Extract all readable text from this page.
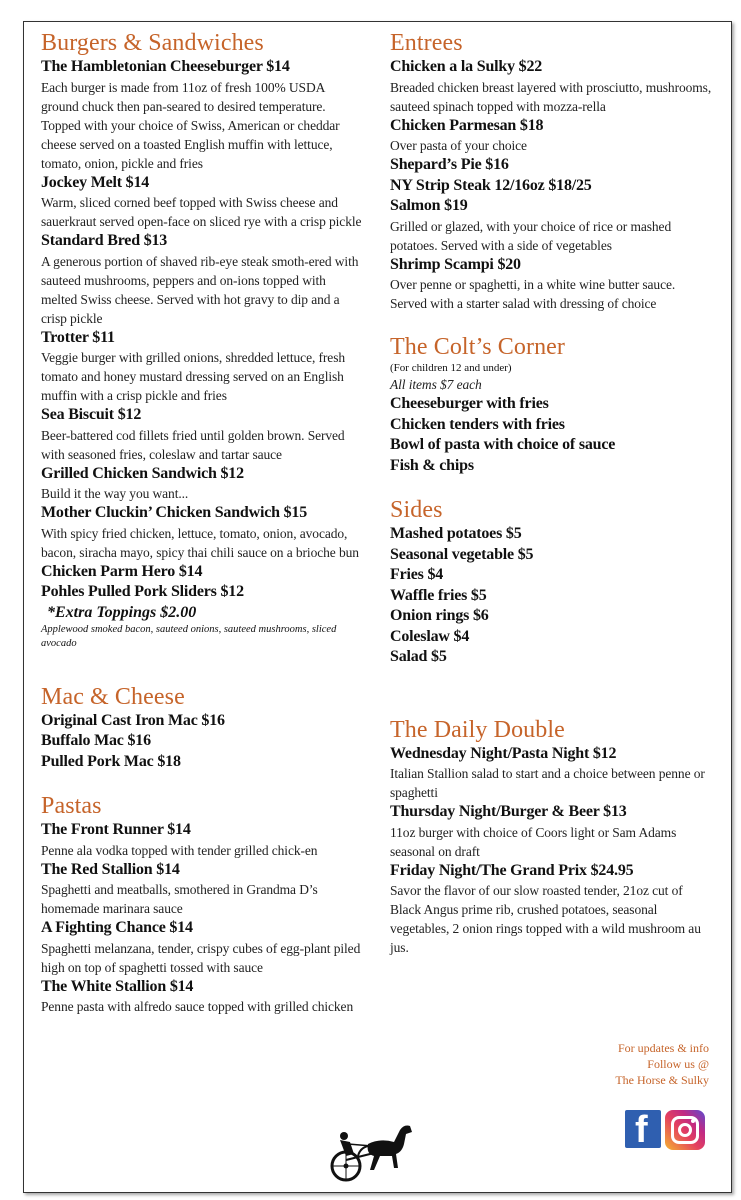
Burgers & Sandwiches
The Hambletonian Cheeseburger $14
Each burger is made from 11oz of fresh 100% USDA ground chuck then pan-seared to desired temperature. Topped with your choice of Swiss, American or cheddar cheese served on a toasted English muffin with lettuce, tomato, onion, pickle and fries
Jockey Melt $14
Warm, sliced corned beef topped with Swiss cheese and sauerkraut served open-face on sliced rye with a crisp pickle
Standard Bred $13
A generous portion of shaved rib-eye steak smoth-ered with sauteed mushrooms, peppers and on-ions topped with melted Swiss cheese. Served with hot gravy to dip and a crisp pickle
Trotter $11
Veggie burger with grilled onions, shredded lettuce, fresh tomato and honey mustard dressing served on an English muffin with a crisp pickle and fries
Sea Biscuit $12
Beer-battered cod fillets fried until golden brown. Served with seasoned fries, coleslaw and tartar sauce
Grilled Chicken Sandwich $12
Build it the way you want...
Mother Cluckin’ Chicken Sandwich $15
With spicy fried chicken, lettuce, tomato, onion, avocado, bacon, siracha mayo, spicy thai chili sauce on a brioche bun
Chicken Parm Hero $14
Pohles Pulled Pork Sliders $12
*Extra Toppings $2.00
Applewood smoked bacon, sauteed onions, sauteed mushrooms, sliced avocado
Mac & Cheese
Original Cast Iron Mac $16
Buffalo Mac $16
Pulled Pork Mac $18
Pastas
The Front Runner $14
Penne ala vodka topped with tender grilled chick-en
The Red Stallion $14
Spaghetti and meatballs, smothered in Grandma D’s homemade marinara sauce
A Fighting Chance $14
Spaghetti melanzana, tender, crispy cubes of egg-plant piled high on top of spaghetti tossed with sauce
The White Stallion $14
Penne pasta with alfredo sauce topped with grilled chicken
Entrees
Chicken a la Sulky $22
Breaded chicken breast layered with prosciutto, mushrooms, sauteed spinach topped with mozza-rella
Chicken Parmesan $18
Over pasta of your choice
Shepard’s Pie $16
NY Strip Steak 12/16oz $18/25
Salmon $19
Grilled or glazed, with your choice of rice or mashed potatoes. Served with a side of vegetables
Shrimp Scampi $20
Over penne or spaghetti, in a white wine butter sauce. Served with a starter salad with dressing of choice
The Colt’s Corner
(For children 12 and under)
All items $7 each
Cheeseburger with fries
Chicken tenders with fries
Bowl of pasta with choice of sauce
Fish & chips
Sides
Mashed potatoes $5
Seasonal vegetable $5
Fries $4
Waffle fries $5
Onion rings $6
Coleslaw $4
Salad $5
The Daily Double
Wednesday Night/Pasta Night $12
Italian Stallion salad to start and a choice between penne or spaghetti
Thursday Night/Burger & Beer $13
11oz burger with choice of Coors light or Sam Adams seasonal on draft
Friday Night/The Grand Prix $24.95
Savor the flavor of our slow roasted tender, 21oz cut of Black Angus prime rib, crushed potatoes, seasonal vegetables, 2 onion rings topped with a wild mushroom au jus.
For updates & info
Follow us @
The Horse & Sulky
f
